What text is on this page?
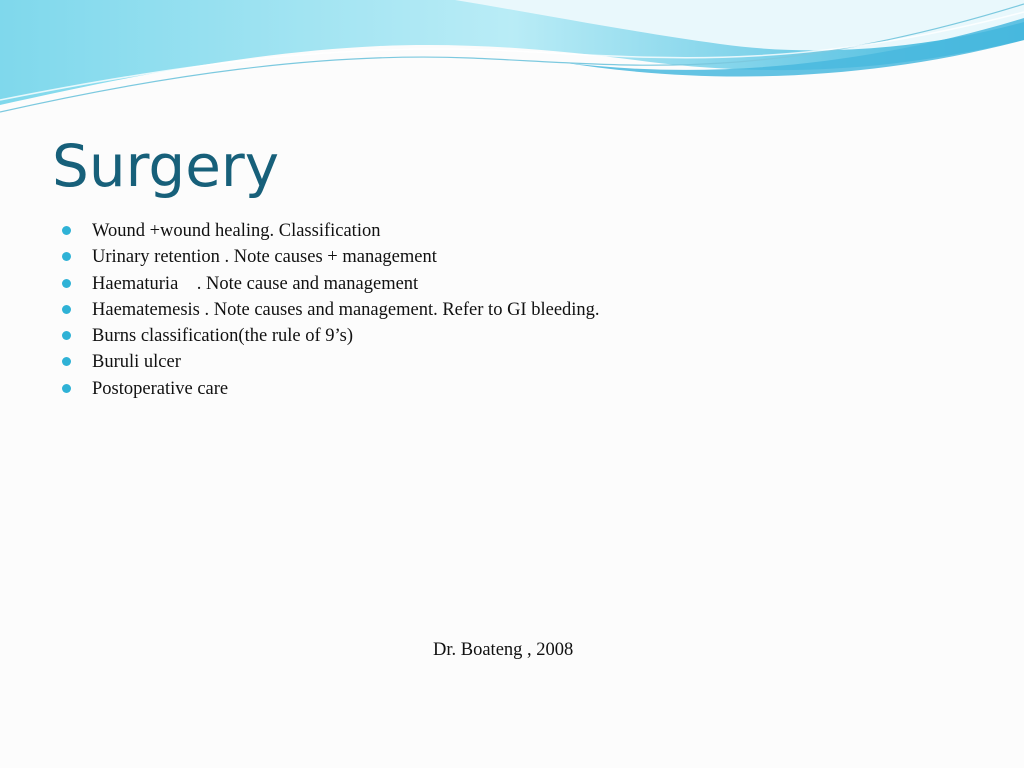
Surgery

Wound +wound healing. Classification

Urinary retention . Note causes + management

Haematuria    . Note cause and management

Haematemesis . Note causes and management. Refer to GI bleeding.

Burns classification(the rule of 9’s)

Buruli ulcer

Postoperative care

Dr. Boateng , 2008
